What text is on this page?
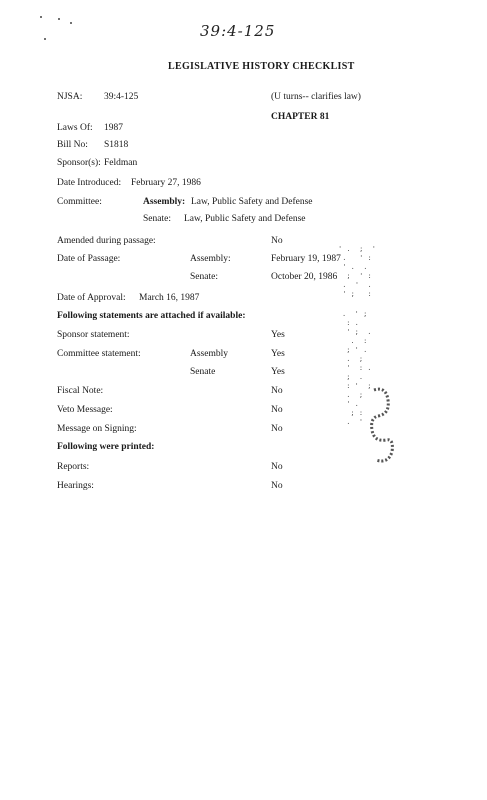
39:4-125
LEGISLATIVE HISTORY CHECKLIST
NJSA: 39:4-125	(U turns-- clarifies law)
CHAPTER 81
Laws Of: 1987
Bill No: S1818
Sponsor(s): Feldman
Date Introduced: February 27, 1986
Committee:	Assembly: Law, Public Safety and Defense
Senate: Law, Public Safety and Defense
Amended during passage:	No
Date of Passage:	Assembly:	February 19, 1987
Senate:	October 20, 1986
Date of Approval: March 16, 1987
Following statements are attached if available:
Sponsor statement:	Yes
Committee statement:	Assembly	Yes
Senate	Yes
Fiscal Note:	No
Veto Message:	No
Message on Signing:	No
Following were printed:
Reports:	No
Hearings:	No
' .  ;  '
.   ' :
' .  .
;  ' :
.  '  .
' ;   :
.  ' ;
: .
' ;  .
.  :
; ' .
.  ;
'  : .
;  .
: '  ;
.  ;
' .
; :
.  '
